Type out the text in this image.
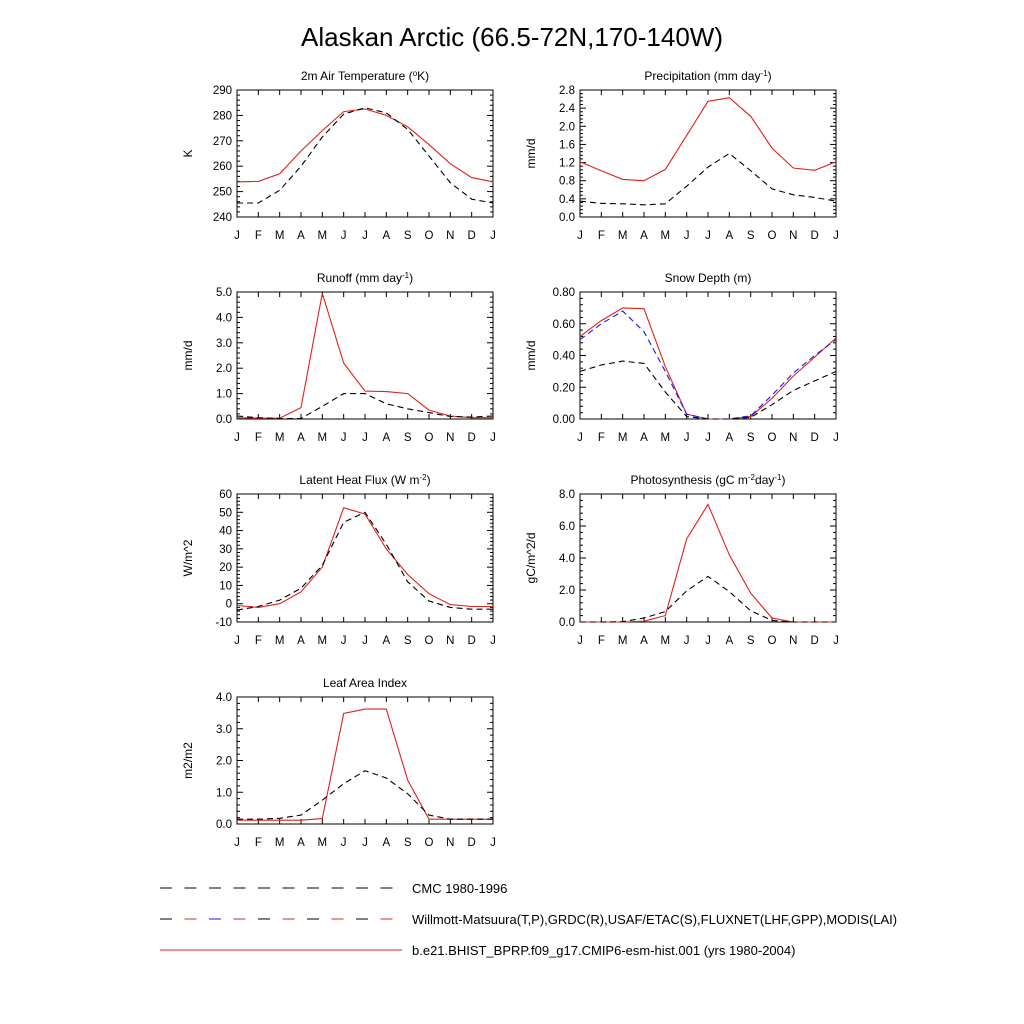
Alaskan Arctic (66.5-72N,170-140W)
2m Air Temperature ($^o$K)
J F M A M J J A S O N D J
240
250
260
270
280
290
K
Precipitation (mm day$^{-1}$)
J F M A M J J A S O N D J
0.0
0.4
0.8
1.2
1.6
2.0
2.4
2.8
mm/d
Runoff (mm day$^{-1}$)
J F M A M J J A S O N D J
0.0
1.0
2.0
3.0
4.0
5.0
mm/d
Snow Depth (m)
J F M A M J J A S O N D J
0.00
0.20
0.40
0.60
0.80
mm/d
Latent Heat Flux (W $m^{-2}$)
J F M A M J J A S O N D J
-10
0
10
20
30
40
50
60
W/m^2
Photosynthesis (gC $m^{-2}day^{-1}$)
J F M A M J J A S O N D J
0.0
2.0
4.0
6.0
8.0
gC/m^2/d
Leaf Area Index
J F M A M J J A S O N D J
0.0
1.0
2.0
3.0
4.0
m2/m2
CMC 1980-1996
Willmott-Matsuura(T,P),GRDC(R),USAF/ETAC(S),FLUXNET(LHF,GPP),MODIS(LAI)
b.e21.BHIST_BPRP.f09_g17.CMIP6-esm-hist.001 (yrs 1980-2004)
